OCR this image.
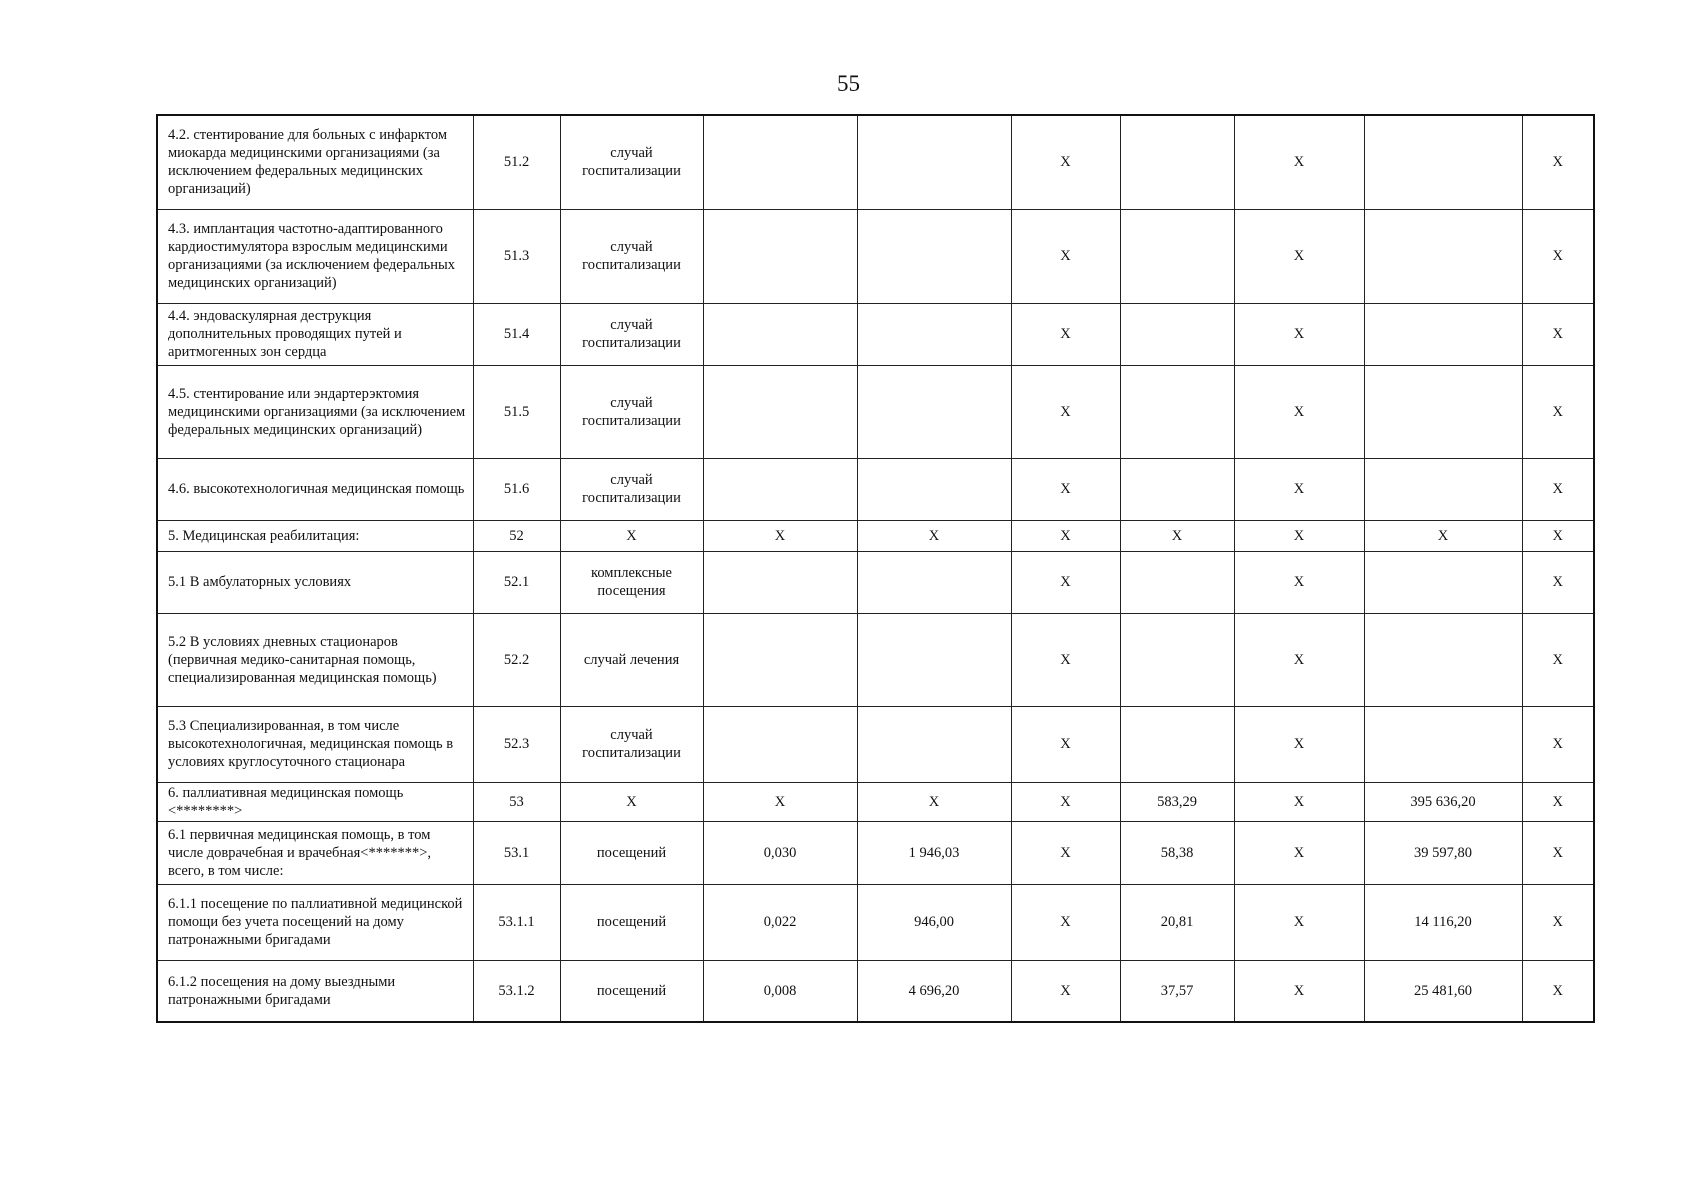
55
4.2. стентирование для больных с инфарктом миокарда медицинскими организациями (за исключением федеральных медицинских организаций)	51.2	случай госпитализации			Х		Х		Х
4.3. имплантация частотно-адаптированного кардиостимулятора взрослым медицинскими организациями (за исключением федеральных медицинских организаций)	51.3	случай госпитализации			Х		Х		Х
4.4. эндоваскулярная деструкция дополнительных проводящих путей и аритмогенных зон сердца	51.4	случай госпитализации			Х		Х		Х
4.5. стентирование или эндартерэктомия медицинскими организациями (за исключением федеральных медицинских организаций)	51.5	случай госпитализации			Х		Х		Х
4.6. высокотехнологичная медицинская помощь	51.6	случай госпитализации			Х		Х		Х
5. Медицинская реабилитация:	52	Х	Х	Х	Х	Х	Х	Х	Х
5.1 В амбулаторных условиях	52.1	комплексные посещения			Х		Х		Х
5.2 В условиях дневных стационаров (первичная медико-санитарная помощь, специализированная медицинская помощь)	52.2	случай лечения			Х		Х		Х
5.3 Специализированная, в том числе высокотехнологичная, медицинская помощь в условиях круглосуточного стационара	52.3	случай госпитализации			Х		Х		Х
6. паллиативная медицинская помощь <********>	53	Х	Х	Х	Х	583,29	Х	395 636,20	Х
6.1 первичная медицинская помощь, в том числе доврачебная и врачебная<*******>, всего, в том числе:	53.1	посещений	0,030	1 946,03	Х	58,38	Х	39 597,80	Х
6.1.1 посещение по паллиативной медицинской помощи без учета посещений на дому патронажными бригадами	53.1.1	посещений	0,022	946,00	Х	20,81	Х	14 116,20	Х
6.1.2 посещения на дому выездными патронажными бригадами	53.1.2	посещений	0,008	4 696,20	Х	37,57	Х	25 481,60	Х
